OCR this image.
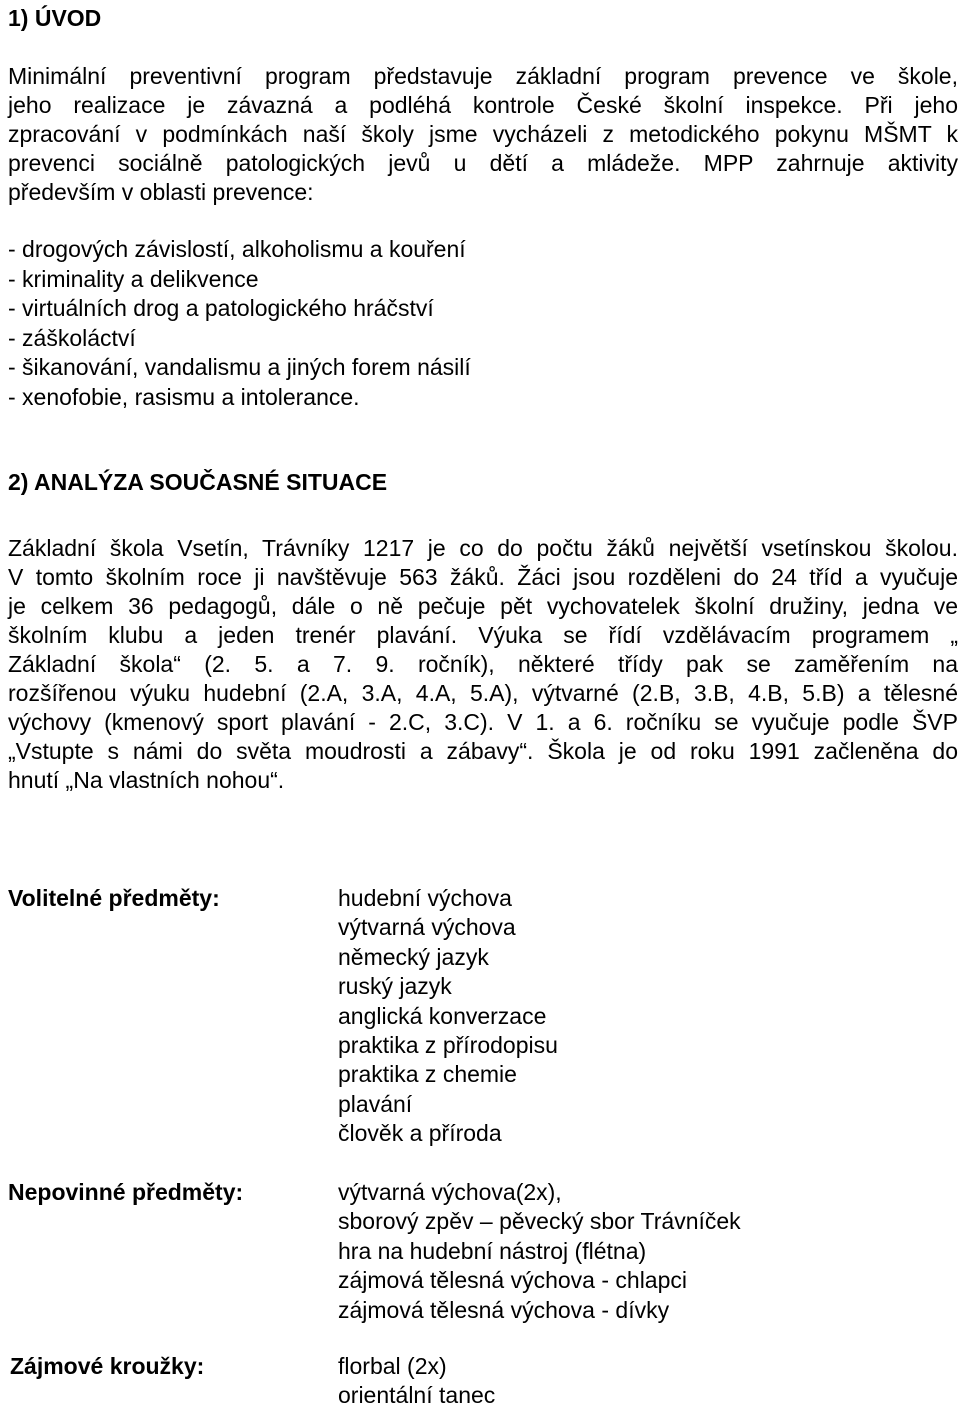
1) ÚVOD

Minimální preventivní program představuje základní program prevence ve škole,
jeho realizace je závazná a podléhá kontrole České školní inspekce. Při jeho
zpracování v podmínkách naší školy jsme vycházeli z metodického pokynu MŠMT k
prevenci sociálně patologických jevů u dětí a mládeže. MPP zahrnuje aktivity
především v oblasti prevence:

- drogových závislostí, alkoholismu a kouření
- kriminality a delikvence
- virtuálních drog a patologického hráčství
- záškoláctví
- šikanování, vandalismu a jiných forem násilí
- xenofobie, rasismu a intolerance.
2) ANALÝZA SOUČASNÉ SITUACE

Základní škola Vsetín, Trávníky 1217 je co do počtu žáků největší vsetínskou školou.
V tomto školním roce ji navštěvuje 563 žáků. Žáci jsou rozděleni do 24 tříd a vyučuje
je celkem 36 pedagogů, dále o ně pečuje pět vychovatelek školní družiny, jedna ve
školním klubu a jeden trenér plavání. Výuka se řídí vzdělávacím programem „
Základní škola“ (2. 5. a 7. 9. ročník), některé třídy pak se zaměřením na
rozšířenou výuku hudební (2.A, 3.A, 4.A, 5.A), výtvarné (2.B, 3.B, 4.B, 5.B) a tělesné
výchovy (kmenový sport plavání - 2.C, 3.C). V 1. a 6. ročníku se vyučuje podle ŠVP
„Vstupte s námi do světa moudrosti a zábavy“. Škola je od roku 1991 začleněna do
hnutí „Na vlastních nohou“.

Volitelné předměty:	hudební výchova
výtvarná výchova
německý jazyk
ruský jazyk
anglická konverzace
praktika z přírodopisu
praktika z chemie
plavání
člověk a příroda
Nepovinné předměty:	výtvarná výchova(2x),
sborový zpěv – pěvecký sbor Trávníček
hra na hudební nástroj (flétna)
zájmová tělesná výchova - chlapci
zájmová tělesná výchova - dívky
Zájmové kroužky:	florbal (2x)
orientální tanec
